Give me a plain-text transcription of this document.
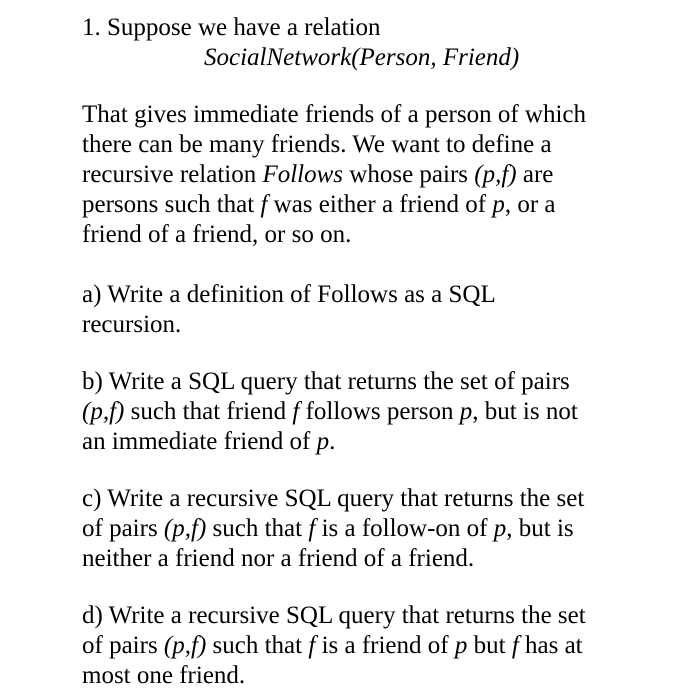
1. Suppose we have a relation

SocialNetwork(Person, Friend)

That gives immediate friends of a person of which

there can be many friends. We want to define a

recursive relation Follows whose pairs (p,f) are

persons such that f was either a friend of p, or a

friend of a friend, or so on.

a) Write a definition of Follows as a SQL

recursion.

b) Write a SQL query that returns the set of pairs

(p,f) such that friend f follows person p, but is not

an immediate friend of p.

c) Write a recursive SQL query that returns the set

of pairs (p,f) such that f is a follow-on of p, but is

neither a friend nor a friend of a friend.

d) Write a recursive SQL query that returns the set

of pairs (p,f) such that f is a friend of p but f has at

most one friend.
